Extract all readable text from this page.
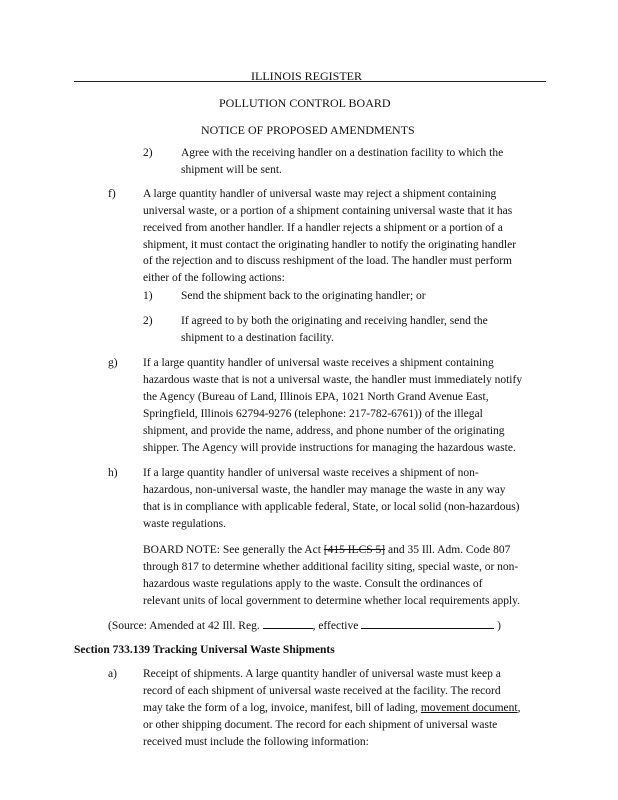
ILLINOIS REGISTER
POLLUTION CONTROL BOARD
NOTICE OF PROPOSED AMENDMENTS
2) Agree with the receiving handler on a destination facility to which the
shipment will be sent.
f) A large quantity handler of universal waste may reject a shipment containing
universal waste, or a portion of a shipment containing universal waste that it has
received from another handler. If a handler rejects a shipment or a portion of a
shipment, it must contact the originating handler to notify the originating handler
of the rejection and to discuss reshipment of the load. The handler must perform
either of the following actions:
1) Send the shipment back to the originating handler; or
2) If agreed to by both the originating and receiving handler, send the
shipment to a destination facility.
g) If a large quantity handler of universal waste receives a shipment containing
hazardous waste that is not a universal waste, the handler must immediately notify
the Agency (Bureau of Land, Illinois EPA, 1021 North Grand Avenue East,
Springfield, Illinois 62794-9276 (telephone: 217-782-6761)) of the illegal
shipment, and provide the name, address, and phone number of the originating
shipper. The Agency will provide instructions for managing the hazardous waste.
h) If a large quantity handler of universal waste receives a shipment of non-
hazardous, non-universal waste, the handler may manage the waste in any way
that is in compliance with applicable federal, State, or local solid (non-hazardous)
waste regulations.
BOARD NOTE: See generally the Act [415 ILCS 5] and 35 Ill. Adm. Code 807
through 817 to determine whether additional facility siting, special waste, or non-
hazardous waste regulations apply to the waste. Consult the ordinances of
relevant units of local government to determine whether local requirements apply.
(Source: Amended at 42 Ill. Reg.	, effective	)
Section 733.139 Tracking Universal Waste Shipments
a) Receipt of shipments. A large quantity handler of universal waste must keep a
record of each shipment of universal waste received at the facility. The record
may take the form of a log, invoice, manifest, bill of lading, movement document,
or other shipping document. The record for each shipment of universal waste
received must include the following information:
